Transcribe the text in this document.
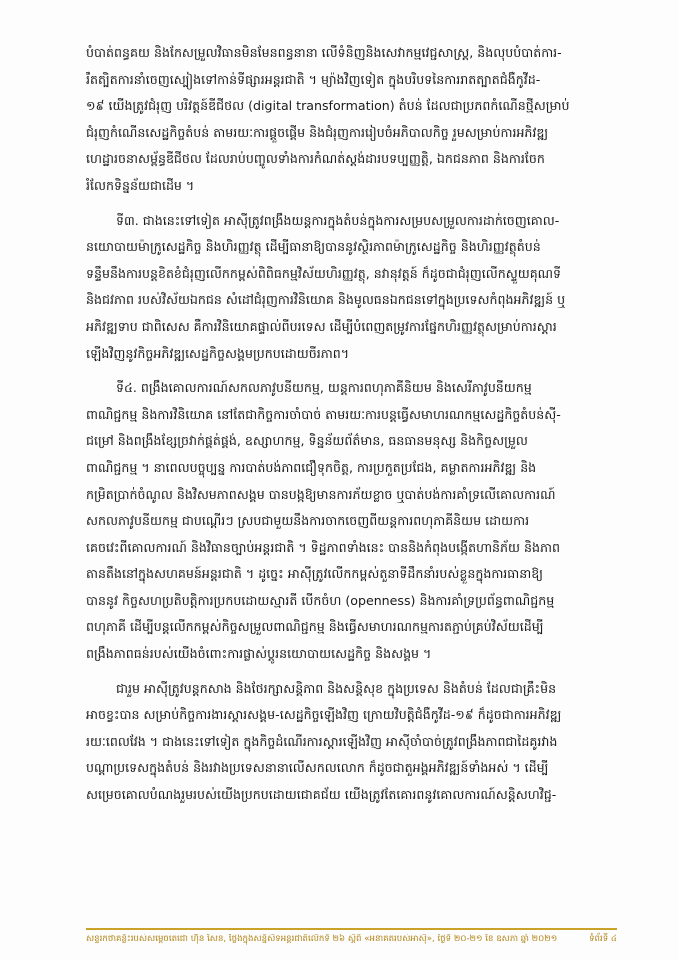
បំបាត់ពន្ធគយ និងកែសម្រួលវិធានមិនមែនពន្ធនានា លើទំនិញនិងសេវាកម្មវេជ្ជសាស្ត្រ, និងលុបបំបាត់ការ-
រឹតត្បិតការនាំចេញស្បៀងទៅកាន់ទីផ្សារអន្តរជាតិ ។ ម្យ៉ាងវិញទៀត ក្នុងបរិបទនៃការរាតត្បាតជំងឺកូវីដ-
១៩ យើងត្រូវជំរុញ បរិវត្តន៍ឌីជីថល (digital transformation) តំបន់ ដែលជាប្រភពកំណើនថ្មីសម្រាប់
ជំរុញកំណើនសេដ្ឋកិច្ចតំបន់ តាមរយៈការផ្តួចផ្តើម និងជំរុញការរៀបចំអភិបាលកិច្ច រួមសម្រាប់ការអភិវឌ្ឍ
ហេដ្ឋារចនាសម្ព័ន្ធឌីជីថល ដែលរាប់បញ្ចូលទាំងការកំណត់ស្តង់ដារបទប្បញ្ញត្តិ, ឯកជនភាព និងការចែក
រំលែកទិន្នន័យជាដើម ។

ទី៣. ជាងនេះទៅទៀត អាស៊ីត្រូវពង្រឹងយន្តការក្នុងតំបន់ក្នុងការសម្របសម្រួលការដាក់ចេញគោល-
នយោបាយម៉ាក្រូសេដ្ឋកិច្ច និងហិរញ្ញវត្ថុ ដើម្បីធានាឱ្យបាននូវស្ថិរភាពម៉ាក្រូសេដ្ឋកិច្ច និងហិរញ្ញវត្ថុតំបន់
ទន្ទឹមនឹងការបន្តខិតខំជំរុញលើកកម្ពស់ពិពិធកម្មវិស័យហិរញ្ញវត្ថុ, នវានុវត្តន៍ ក៏ដូចជាជំរុញលើកស្ទួយគុណទី
និងជវភាព របស់វិស័យឯកជន សំដៅជំរុញការវិនិយោគ និងមូលធនឯកជនទៅក្នុងប្រទេសកំពុងអភិវឌ្ឍន៍ ឬ
អភិវឌ្ឍទាប ជាពិសេស គឺការវិនិយោគផ្ទាល់ពីបរទេស ដើម្បីបំពេញតម្រូវការផ្នែកហិរញ្ញវត្ថុសម្រាប់ការស្តារ
ឡើងវិញនូវកិច្ចអភិវឌ្ឍសេដ្ឋកិច្ចសង្គមប្រកបដោយចីរភាព។

ទី៤. ពង្រឹងគោលការណ៍សកលភាវូបនីយកម្ម, យន្តការពហុភាគីនិយម និងសេរីភាវូបនីយកម្ម
ពាណិជ្ជកម្ម និងការវិនិយោគ នៅតែជាកិច្ចការចាំបាច់ តាមរយៈការបន្តធ្វើសមាហរណកម្មសេដ្ឋកិច្ចតំបន់ស៊ី-
ជម្រៅ និងពង្រឹងខ្សែច្រវាក់ផ្គត់ផ្គង់, ឧស្សាហកម្ម, ទិន្នន័យព័ត៌មាន, ធនធានមនុស្ស និងកិច្ចសម្រួល
ពាណិជ្ជកម្ម ។ នាពេលបច្ចុប្បន្ន ការបាត់បង់ភាពជឿទុកចិត្ត, ការប្រកួតប្រជែង, គម្លាតការអភិវឌ្ឍ និង
កម្រិតប្រាក់ចំណូល និងវិសមភាពសង្គម បានបង្កឱ្យមានការភ័យខ្លាច ឬបាត់បង់ការគាំទ្រលើគោលការណ៍
សកលភាវូបនីយកម្ម ជាបណ្តើរៗ ស្របជាមួយនឹងការចាកចេញពីយន្តការពហុភាគីនិយម ដោយការ
គេចវេះពីគោលការណ៍ និងវិធានច្បាប់អន្តរជាតិ ។ ទិដ្ឋភាពទាំងនេះ បាននិងកំពុងបង្កើតហានិភ័យ និងភាព
តានតឹងនៅក្នុងសហគមន៍អន្តរជាតិ ។ ដូច្នេះ អាស៊ីត្រូវលើកកម្ពស់តួនាទីដឹកនាំរបស់ខ្លួនក្នុងការធានាឱ្យ
បាននូវ កិច្ចសហប្រតិបត្តិការប្រកបដោយស្មារតី បើកចំហ (openness) និងការគាំទ្រប្រព័ន្ធពាណិជ្ជកម្ម
ពហុភាគី ដើម្បីបន្តលើកកម្ពស់កិច្ចសម្រួលពាណិជ្ជកម្ម និងធ្វើសមាហរណកម្មការតភ្ជាប់គ្រប់វិស័យដើម្បី
ពង្រឹងភាពធន់របស់យើងចំពោះការផ្លាស់ប្តូរនយោបាយសេដ្ឋកិច្ច និងសង្គម ។

ជារួម អាស៊ីត្រូវបន្តកសាង និងថែរក្សាសន្តិភាព និងសន្តិសុខ ក្នុងប្រទេស និងតំបន់ ដែលជាគ្រឹះមិន
អាចខ្វះបាន សម្រាប់កិច្ចការងារស្តារសង្គម-សេដ្ឋកិច្ចឡើងវិញ ក្រោយវិបត្តិជំងឺកូវីដ-១៩ ក៏ដូចជាការអភិវឌ្ឍ
រយៈពេលវែង ។ ជាងនេះទៅទៀត ក្នុងកិច្ចដំណើរការស្តារឡើងវិញ អាស៊ីចាំបាច់ត្រូវពង្រឹងភាពជាដៃគូរវាង
បណ្តាប្រទេសក្នុងតំបន់ និងរវាងប្រទេសនានាលើសកលលោក ក៏ដូចជាតួអង្គអភិវឌ្ឍន៍ទាំងអស់ ។ ដើម្បី
សម្រេចគោលបំណងរួមរបស់យើងប្រកបដោយជោគជ័យ យើងត្រូវតែគោរពនូវគោលការណ៍សន្តិសហវិជ្ជ-

សន្ទរកថាគន្លឹះរបស់សម្តេចតេជោ ហ៊ុន សែន, ថ្លែងក្នុងសន្និសីទអន្តរជាតិលើកទី ២៦ ស្តីពី «អនាគតរបស់អាស៊ី», ថ្ងៃទី ២០-២១ ខែ ឧសភា ឆ្នាំ ២០២១	ទំព័រទី ៤
